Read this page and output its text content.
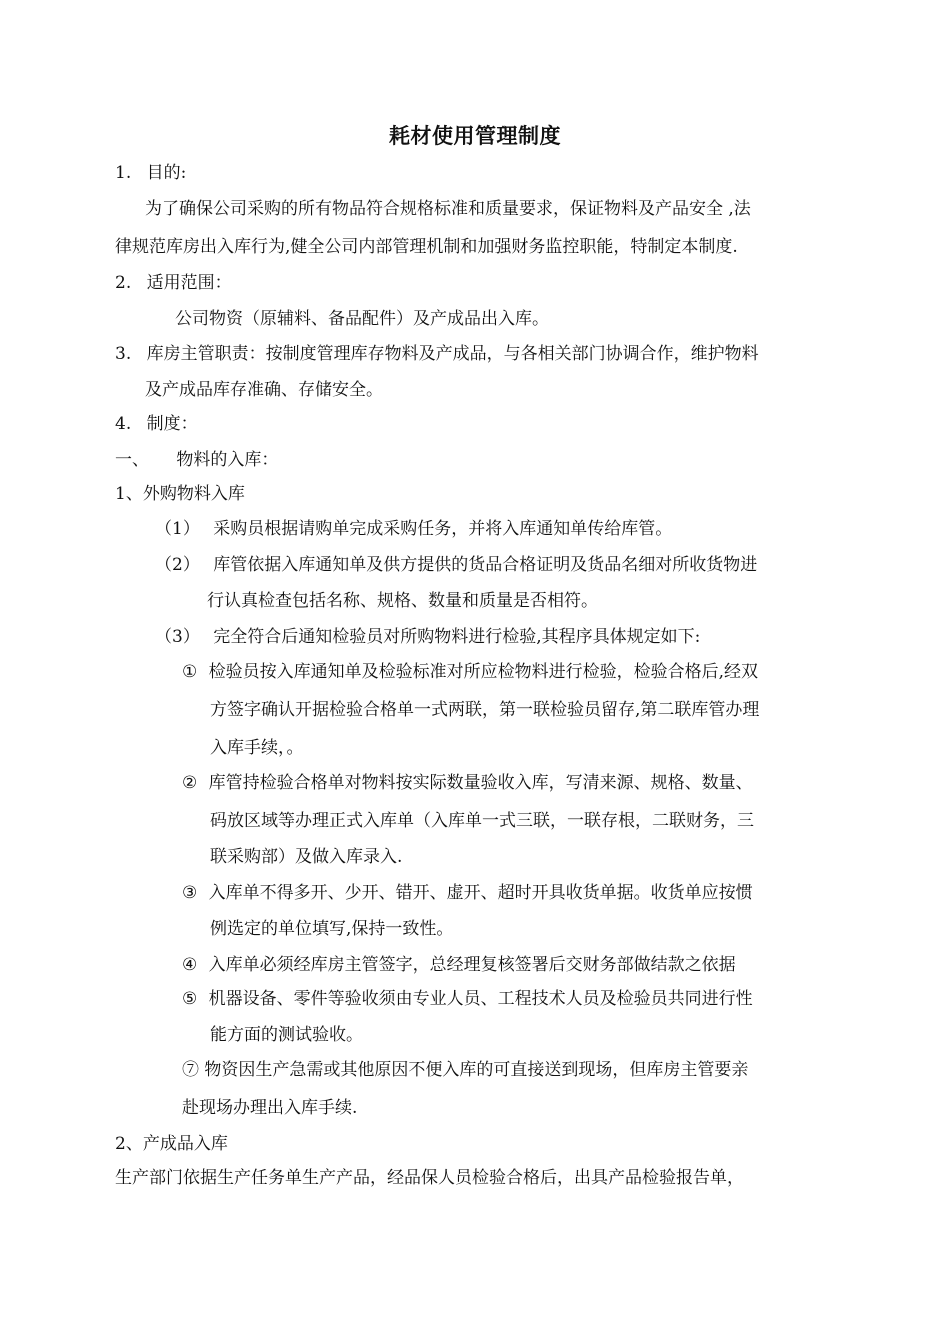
耗材使用管理制度
1. 目的:
为了确保公司采购的所有物品符合规格标准和质量要求，保证物料及产品安全 ,法
律规范库房出入库行为,健全公司内部管理机制和加强财务监控职能，特制定本制度.
2. 适用范围：
公司物资（原辅料、备品配件）及产成品出入库。
3. 库房主管职责：按制度管理库存物料及产成品，与各相关部门协调合作，维护物料
及产成品库存准确、存储安全。
4. 制度：
一、 物料的入库：
1、外购物料入库
（1） 采购员根据请购单完成采购任务，并将入库通知单传给库管。
（2） 库管依据入库通知单及供方提供的货品合格证明及货品名细对所收货物进
行认真检查包括名称、规格、数量和质量是否相符。
（3） 完全符合后通知检验员对所购物料进行检验,其程序具体规定如下:
① 检验员按入库通知单及检验标准对所应检物料进行检验，检验合格后,经双
方签字确认开据检验合格单一式两联，第一联检验员留存,第二联库管办理
入库手续，。
② 库管持检验合格单对物料按实际数量验收入库，写清来源、规格、数量、
码放区域等办理正式入库单（入库单一式三联，一联存根，二联财务，三
联采购部）及做入库录入.
③ 入库单不得多开、少开、错开、虚开、超时开具收货单据。收货单应按惯
例选定的单位填写,保持一致性。
④ 入库单必须经库房主管签字，总经理复核签署后交财务部做结款之依据
⑤ 机器设备、零件等验收须由专业人员、工程技术人员及检验员共同进行性
能方面的测试验收。
⑦ 物资因生产急需或其他原因不便入库的可直接送到现场，但库房主管要亲
赴现场办理出入库手续.
2、产成品入库
生产部门依据生产任务单生产产品，经品保人员检验合格后，出具产品检验报告单，
